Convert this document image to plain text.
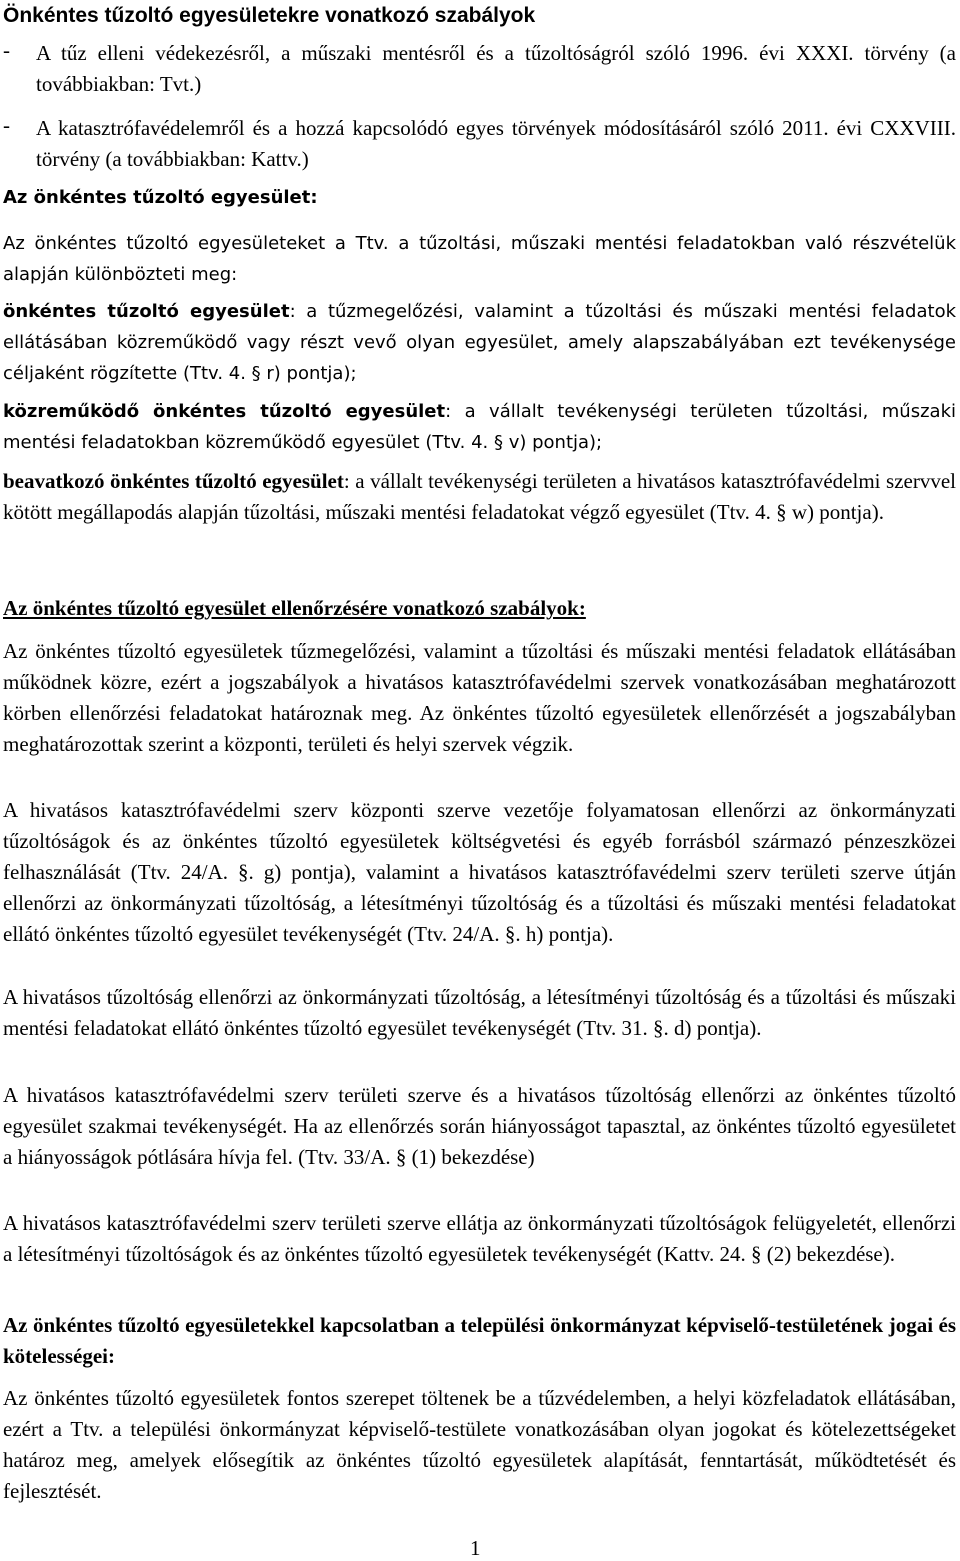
Önkéntes tűzoltó egyesületekre vonatkozó szabályok

- A tűz elleni védekezésről, a műszaki mentésről és a tűzoltóságról szóló 1996. évi XXXI. törvény (a továbbiakban: Tvt.)

- A katasztrófavédelemről és a hozzá kapcsolódó egyes törvények módosításáról szóló 2011. évi CXXVIII. törvény (a továbbiakban: Kattv.)

Az önkéntes tűzoltó egyesület:

Az önkéntes tűzoltó egyesületeket a Ttv. a tűzoltási, műszaki mentési feladatokban való részvételük alapján különbözteti meg:

önkéntes tűzoltó egyesület: a tűzmegelőzési, valamint a tűzoltási és műszaki mentési feladatok ellátásában közreműködő vagy részt vevő olyan egyesület, amely alapszabályában ezt tevékenysége céljaként rögzítette (Ttv. 4. § r) pontja);

közreműködő önkéntes tűzoltó egyesület: a vállalt tevékenységi területen tűzoltási, műszaki mentési feladatokban közreműködő egyesület (Ttv. 4. § v) pontja);

beavatkozó önkéntes tűzoltó egyesület: a vállalt tevékenységi területen a hivatásos katasztrófavédelmi szervvel kötött megállapodás alapján tűzoltási, műszaki mentési feladatokat végző egyesület (Ttv. 4. § w) pontja).

Az önkéntes tűzoltó egyesület ellenőrzésére vonatkozó szabályok:

Az önkéntes tűzoltó egyesületek tűzmegelőzési, valamint a tűzoltási és műszaki mentési feladatok ellátásában működnek közre, ezért a jogszabályok a hivatásos katasztrófavédelmi szervek vonatkozásában meghatározott körben ellenőrzési feladatokat határoznak meg. Az önkéntes tűzoltó egyesületek ellenőrzését a jogszabályban meghatározottak szerint a központi, területi és helyi szervek végzik.

A hivatásos katasztrófavédelmi szerv központi szerve vezetője folyamatosan ellenőrzi az önkormányzati tűzoltóságok és az önkéntes tűzoltó egyesületek költségvetési és egyéb forrásból származó pénzeszközei felhasználását (Ttv. 24/A. §. g) pontja), valamint a hivatásos katasztrófavédelmi szerv területi szerve útján ellenőrzi az önkormányzati tűzoltóság, a létesítményi tűzoltóság és a tűzoltási és műszaki mentési feladatokat ellátó önkéntes tűzoltó egyesület tevékenységét (Ttv. 24/A. §. h) pontja).

A hivatásos tűzoltóság ellenőrzi az önkormányzati tűzoltóság, a létesítményi tűzoltóság és a tűzoltási és műszaki mentési feladatokat ellátó önkéntes tűzoltó egyesület tevékenységét (Ttv. 31. §. d) pontja).

A hivatásos katasztrófavédelmi szerv területi szerve és a hivatásos tűzoltóság ellenőrzi az önkéntes tűzoltó egyesület szakmai tevékenységét. Ha az ellenőrzés során hiányosságot tapasztal, az önkéntes tűzoltó egyesületet a hiányosságok pótlására hívja fel. (Ttv. 33/A. § (1) bekezdése)

A hivatásos katasztrófavédelmi szerv területi szerve ellátja az önkormányzati tűzoltóságok felügyeletét, ellenőrzi a létesítményi tűzoltóságok és az önkéntes tűzoltó egyesületek tevékenységét (Kattv. 24. § (2) bekezdése).

Az önkéntes tűzoltó egyesületekkel kapcsolatban a települési önkormányzat képviselő-testületének jogai és kötelességei:

Az önkéntes tűzoltó egyesületek fontos szerepet töltenek be a tűzvédelemben, a helyi közfeladatok ellátásában, ezért a Ttv. a települési önkormányzat képviselő-testülete vonatkozásában olyan jogokat és kötelezettségeket határoz meg, amelyek elősegítik az önkéntes tűzoltó egyesületek alapítását, fenntartását, működtetését és fejlesztését.

1
